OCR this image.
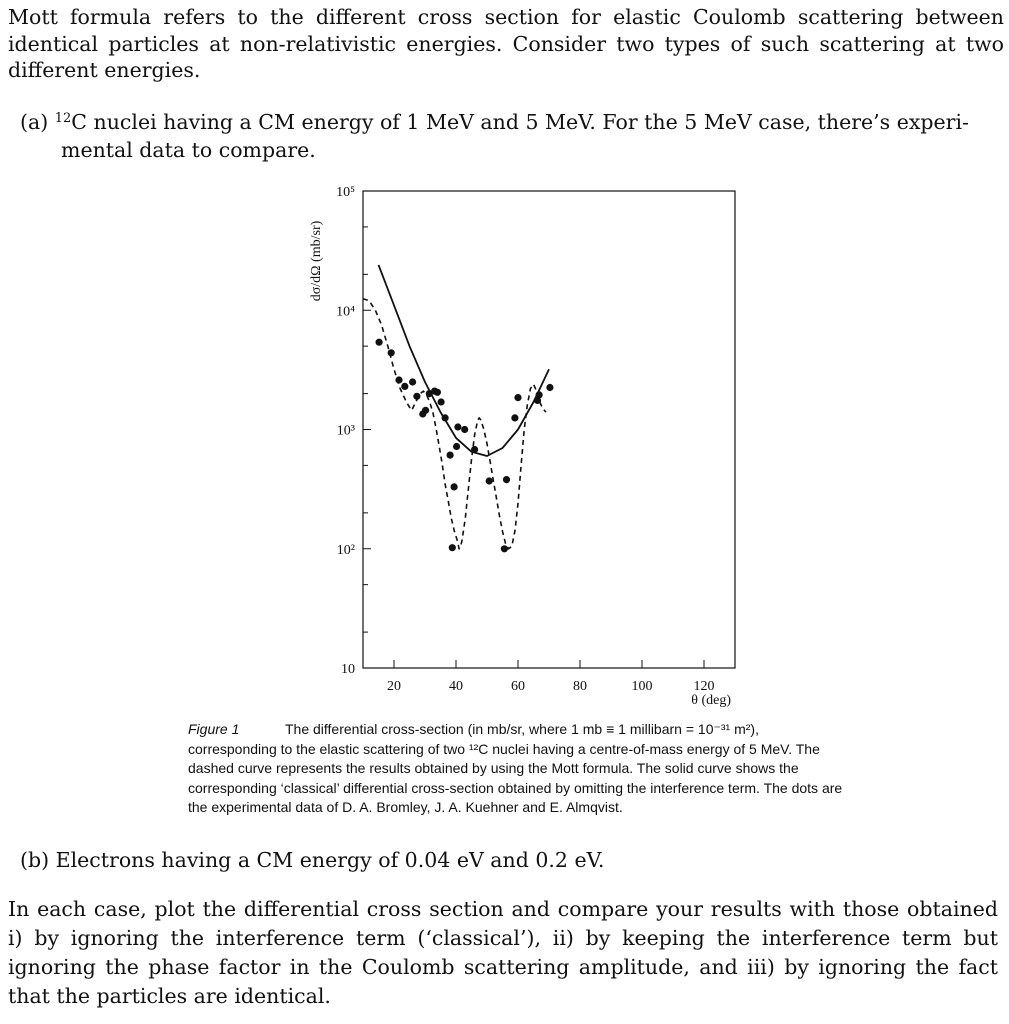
Mott formula refers to the different cross section for elastic Coulomb scattering between identical particles at non-relativistic energies. Consider two types of such scattering at two different energies.

(a) $^{12}$C nuclei having a CM energy of 1 MeV and 5 MeV. For the 5 MeV case, there’s experi-
mental data to compare.

20	40	60	80	100	120
10
10²
10³
10⁴
10⁵
θ (deg)
dσ/dΩ (mb/sr)
Figure 1	The differential cross-section (in mb/sr, where 1 mb ≡ 1 millibarn = 10⁻³¹ m²), corresponding to the elastic scattering of two ¹²C nuclei having a centre-of-mass energy of 5 MeV. The dashed curve represents the results obtained by using the Mott formula. The solid curve shows the corresponding ‘classical’ differential cross-section obtained by omitting the interference term. The dots are the experimental data of D. A. Bromley, J. A. Kuehner and E. Almqvist.

(b) Electrons having a CM energy of 0.04 eV and 0.2 eV.

In each case, plot the differential cross section and compare your results with those obtained i) by ignoring the interference term (‘classical’), ii) by keeping the interference term but ignoring the phase factor in the Coulomb scattering amplitude, and iii) by ignoring the fact that the particles are identical.
